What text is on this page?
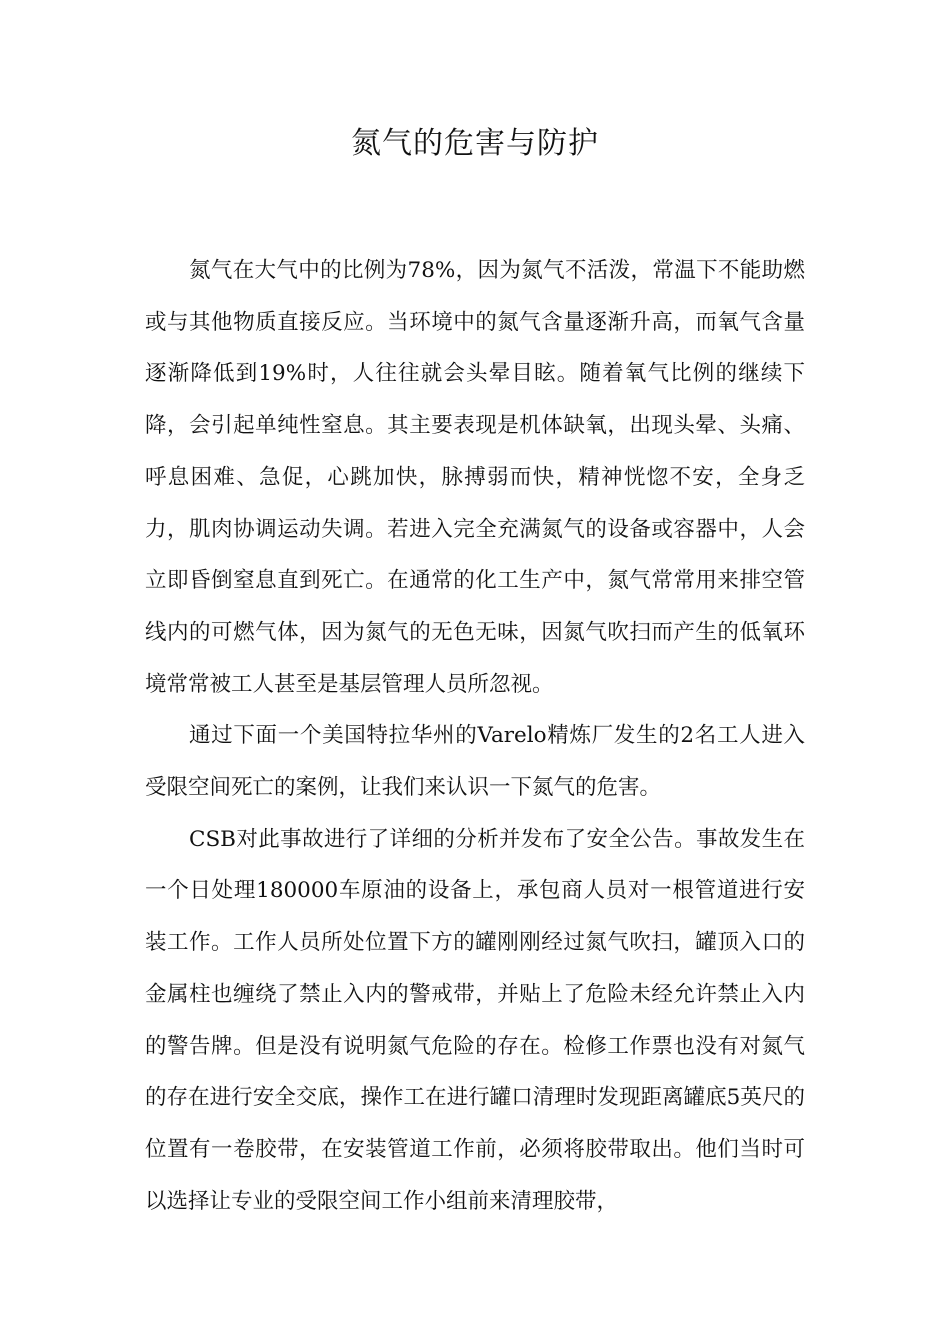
氮气的危害与防护

氮气在大气中的比例为78%，因为氮气不活泼，常温下不能助燃或与其他物质直接反应。当环境中的氮气含量逐渐升高，而氧气含量逐渐降低到19%时，人往往就会头晕目眩。随着氧气比例的继续下降，会引起单纯性窒息。其主要表现是机体缺氧，出现头晕、头痛、呼息困难、急促，心跳加快，脉搏弱而快，精神恍惚不安，全身乏力，肌肉协调运动失调。若进入完全充满氮气的设备或容器中，人会立即昏倒窒息直到死亡。在通常的化工生产中，氮气常常用来排空管线内的可燃气体，因为氮气的无色无味，因氮气吹扫而产生的低氧环境常常被工人甚至是基层管理人员所忽视。

通过下面一个美国特拉华州的Varelo精炼厂发生的2名工人进入受限空间死亡的案例，让我们来认识一下氮气的危害。

CSB对此事故进行了详细的分析并发布了安全公告。事故发生在一个日处理180000车原油的设备上，承包商人员对一根管道进行安装工作。工作人员所处位置下方的罐刚刚经过氮气吹扫，罐顶入口的金属柱也缠绕了禁止入内的警戒带，并贴上了危险未经允许禁止入内的警告牌。但是没有说明氮气危险的存在。检修工作票也没有对氮气的存在进行安全交底，操作工在进行罐口清理时发现距离罐底5英尺的位置有一卷胶带，在安装管道工作前，必须将胶带取出。他们当时可以选择让专业的受限空间工作小组前来清理胶带，
